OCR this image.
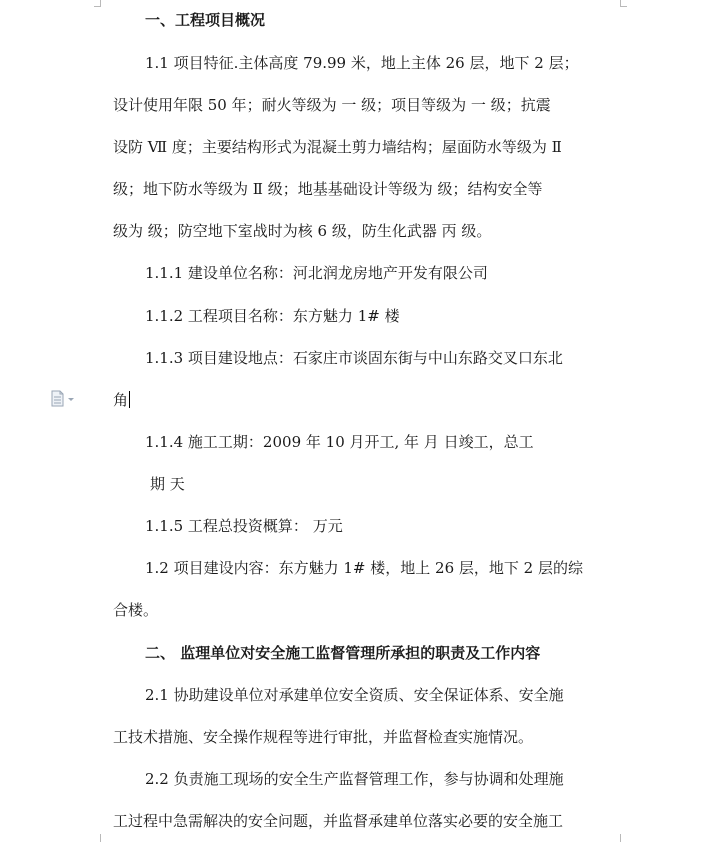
一、工程项目概况
1.1 项目特征.主体高度 79.99 米，地上主体 26 层，地下 2 层；
设计使用年限 50 年；耐火等级为 一 级；项目等级为 一 级；抗震
设防 Ⅶ 度；主要结构形式为混凝土剪力墙结构；屋面防水等级为 Ⅱ
级；地下防水等级为 Ⅱ 级；地基基础设计等级为 级；结构安全等
级为 级；防空地下室战时为核 6 级，防生化武器 丙 级。
1.1.1 建设单位名称：河北润龙房地产开发有限公司
1.1.2 工程项目名称：东方魅力 1# 楼
1.1.3 项目建设地点：石家庄市谈固东街与中山东路交叉口东北
角
1.1.4 施工工期：2009 年 10 月开工, 年 月 日竣工，总工
期 天
1.1.5 工程总投资概算： 万元
1.2 项目建设内容：东方魅力 1# 楼，地上 26 层，地下 2 层的综
合楼。
二、 监理单位对安全施工监督管理所承担的职责及工作内容
2.1 协助建设单位对承建单位安全资质、安全保证体系、安全施
工技术措施、安全操作规程等进行审批，并监督检查实施情况。
2.2 负责施工现场的安全生产监督管理工作，参与协调和处理施
工过程中急需解决的安全问题，并监督承建单位落实必要的安全施工
